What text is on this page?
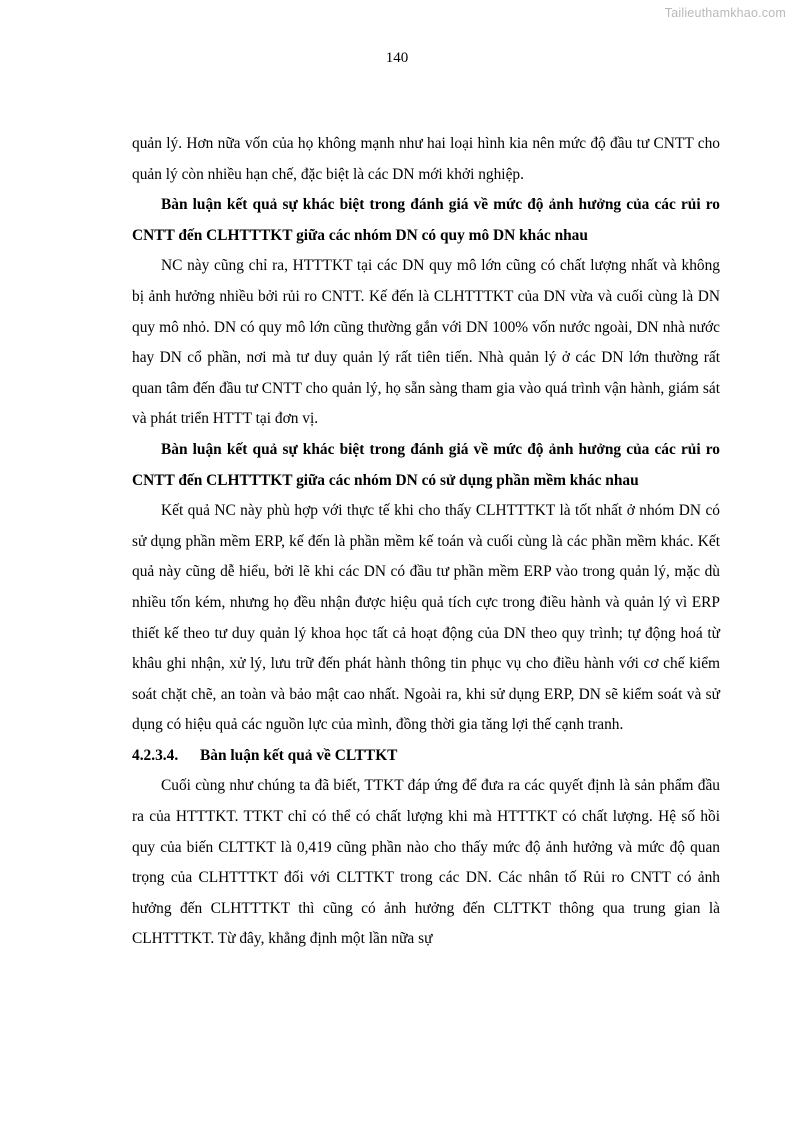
Tailieuthamkhao.com
140

quản lý. Hơn nữa vốn của họ không mạnh như hai loại hình kia nên mức độ đầu tư CNTT cho quản lý còn nhiều hạn chế, đặc biệt là các DN mới khởi nghiệp.

Bàn luận kết quả sự khác biệt trong đánh giá về mức độ ảnh hưởng của các rủi ro CNTT đến CLHTTTKT giữa các nhóm DN có quy mô DN khác nhau

NC này cũng chỉ ra, HTTTKT tại các DN quy mô lớn cũng có chất lượng nhất và không bị ảnh hưởng nhiều bởi rủi ro CNTT. Kế đến là CLHTTTKT của DN vừa và cuối cùng là DN quy mô nhỏ. DN có quy mô lớn cũng thường gắn với DN 100% vốn nước ngoài, DN nhà nước hay DN cổ phần, nơi mà tư duy quản lý rất tiên tiến. Nhà quản lý ở các DN lớn thường rất quan tâm đến đầu tư CNTT cho quản lý, họ sẵn sàng tham gia vào quá trình vận hành, giám sát và phát triển HTTT tại đơn vị.

Bàn luận kết quả sự khác biệt trong đánh giá về mức độ ảnh hưởng của các rủi ro CNTT đến CLHTTTKT giữa các nhóm DN có sử dụng phần mềm khác nhau

Kết quả NC này phù hợp với thực tế khi cho thấy CLHTTTKT là tốt nhất ở nhóm DN có sử dụng phần mềm ERP, kế đến là phần mềm kế toán và cuối cùng là các phần mềm khác. Kết quả này cũng dễ hiểu, bởi lẽ khi các DN có đầu tư phần mềm ERP vào trong quản lý, mặc dù nhiều tốn kém, nhưng họ đều nhận được hiệu quả tích cực trong điều hành và quản lý vì ERP thiết kế theo tư duy quản lý khoa học tất cả hoạt động của DN theo quy trình; tự động hoá từ khâu ghi nhận, xử lý, lưu trữ đến phát hành thông tin phục vụ cho điều hành với cơ chế kiểm soát chặt chẽ, an toàn và bảo mật cao nhất. Ngoài ra, khi sử dụng ERP, DN sẽ kiểm soát và sử dụng có hiệu quả các nguồn lực của mình, đồng thời gia tăng lợi thế cạnh tranh.

4.2.3.4. Bàn luận kết quả về CLTTKT

Cuối cùng như chúng ta đã biết, TTKT đáp ứng để đưa ra các quyết định là sản phẩm đầu ra của HTTTKT. TTKT chỉ có thể có chất lượng khi mà HTTTKT có chất lượng. Hệ số hồi quy của biến CLTTKT là 0,419 cũng phần nào cho thấy mức độ ảnh hưởng và mức độ quan trọng của CLHTTTKT đối với CLTTKT trong các DN. Các nhân tố Rủi ro CNTT có ảnh hưởng đến CLHTTTKT thì cũng có ảnh hưởng đến CLTTKT thông qua trung gian là CLHTTTKT. Từ đây, khẳng định một lần nữa sự
